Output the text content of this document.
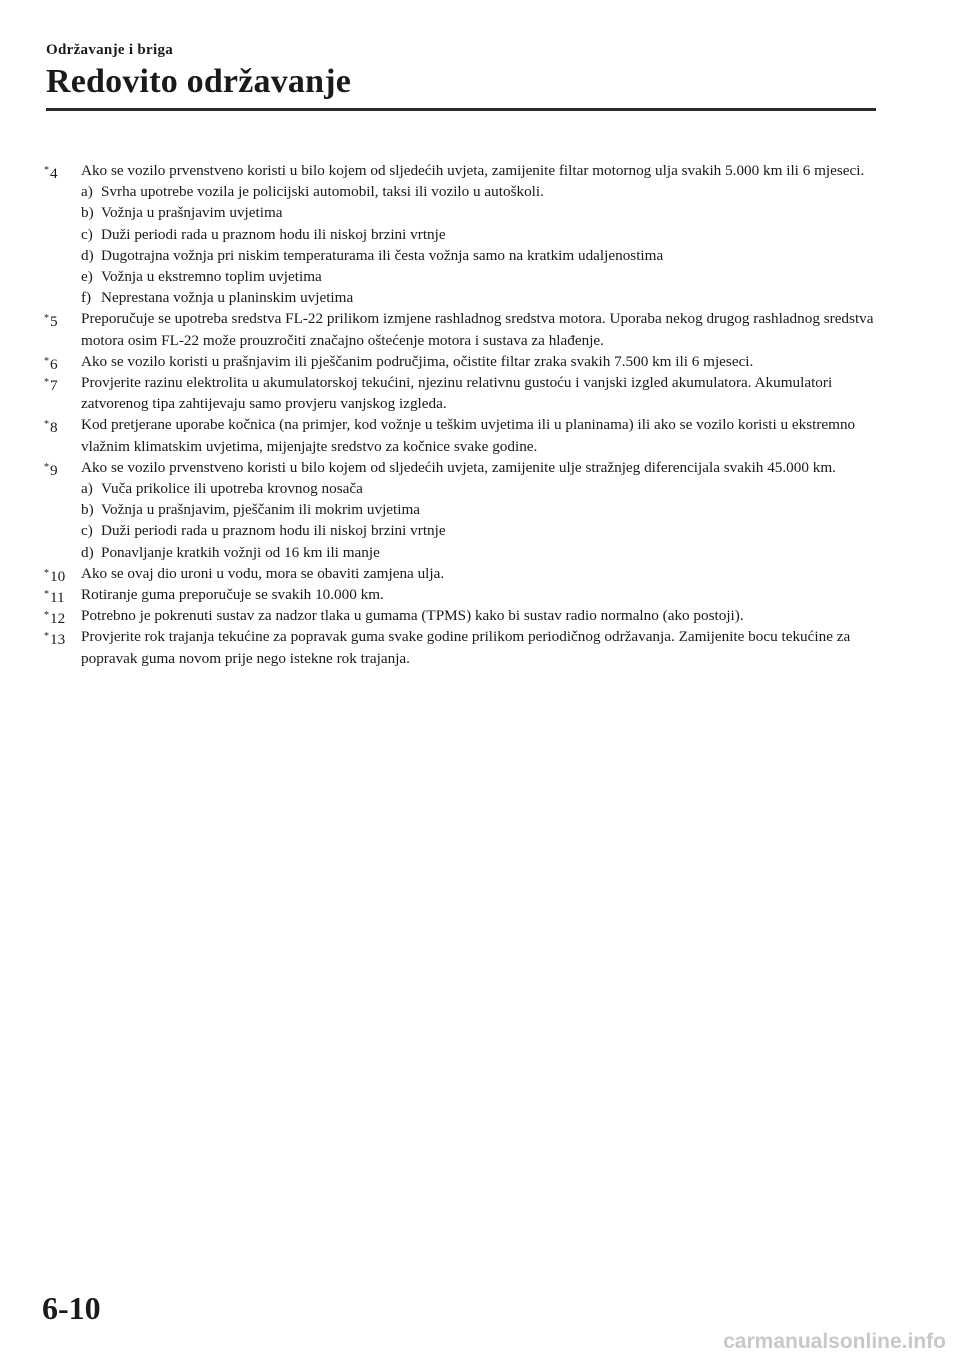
Održavanje i briga

Redovito održavanje
*4 Ako se vozilo prvenstveno koristi u bilo kojem od sljedećih uvjeta, zamijenite filtar motornog ulja svakih 5.000 km ili 6 mjeseci.
a) Svrha upotrebe vozila je policijski automobil, taksi ili vozilo u autoškoli.
b) Vožnja u prašnjavim uvjetima
c) Duži periodi rada u praznom hodu ili niskoj brzini vrtnje
d) Dugotrajna vožnja pri niskim temperaturama ili česta vožnja samo na kratkim udaljenostima
e) Vožnja u ekstremno toplim uvjetima
f) Neprestana vožnja u planinskim uvjetima
*5 Preporučuje se upotreba sredstva FL-22 prilikom izmjene rashladnog sredstva motora. Uporaba nekog drugog rashladnog sredstva motora osim FL-22 može prouzročiti značajno oštećenje motora i sustava za hlađenje.
*6 Ako se vozilo koristi u prašnjavim ili pješčanim područjima, očistite filtar zraka svakih 7.500 km ili 6 mjeseci.
*7 Provjerite razinu elektrolita u akumulatorskoj tekućini, njezinu relativnu gustoću i vanjski izgled akumulatora. Akumulatori zatvorenog tipa zahtijevaju samo provjeru vanjskog izgleda.
*8 Kod pretjerane uporabe kočnica (na primjer, kod vožnje u teškim uvjetima ili u planinama) ili ako se vozilo koristi u ekstremno vlažnim klimatskim uvjetima, mijenjajte sredstvo za kočnice svake godine.
*9 Ako se vozilo prvenstveno koristi u bilo kojem od sljedećih uvjeta, zamijenite ulje stražnjeg diferencijala svakih 45.000 km.
a) Vuča prikolice ili upotreba krovnog nosača
b) Vožnja u prašnjavim, pješčanim ili mokrim uvjetima
c) Duži periodi rada u praznom hodu ili niskoj brzini vrtnje
d) Ponavljanje kratkih vožnji od 16 km ili manje
*10 Ako se ovaj dio uroni u vodu, mora se obaviti zamjena ulja.
*11 Rotiranje guma preporučuje se svakih 10.000 km.
*12 Potrebno je pokrenuti sustav za nadzor tlaka u gumama (TPMS) kako bi sustav radio normalno (ako postoji).
*13 Provjerite rok trajanja tekućine za popravak guma svake godine prilikom periodičnog održavanja. Zamijenite bocu tekućine za popravak guma novom prije nego istekne rok trajanja.

6-10

carmanualsonline.info
